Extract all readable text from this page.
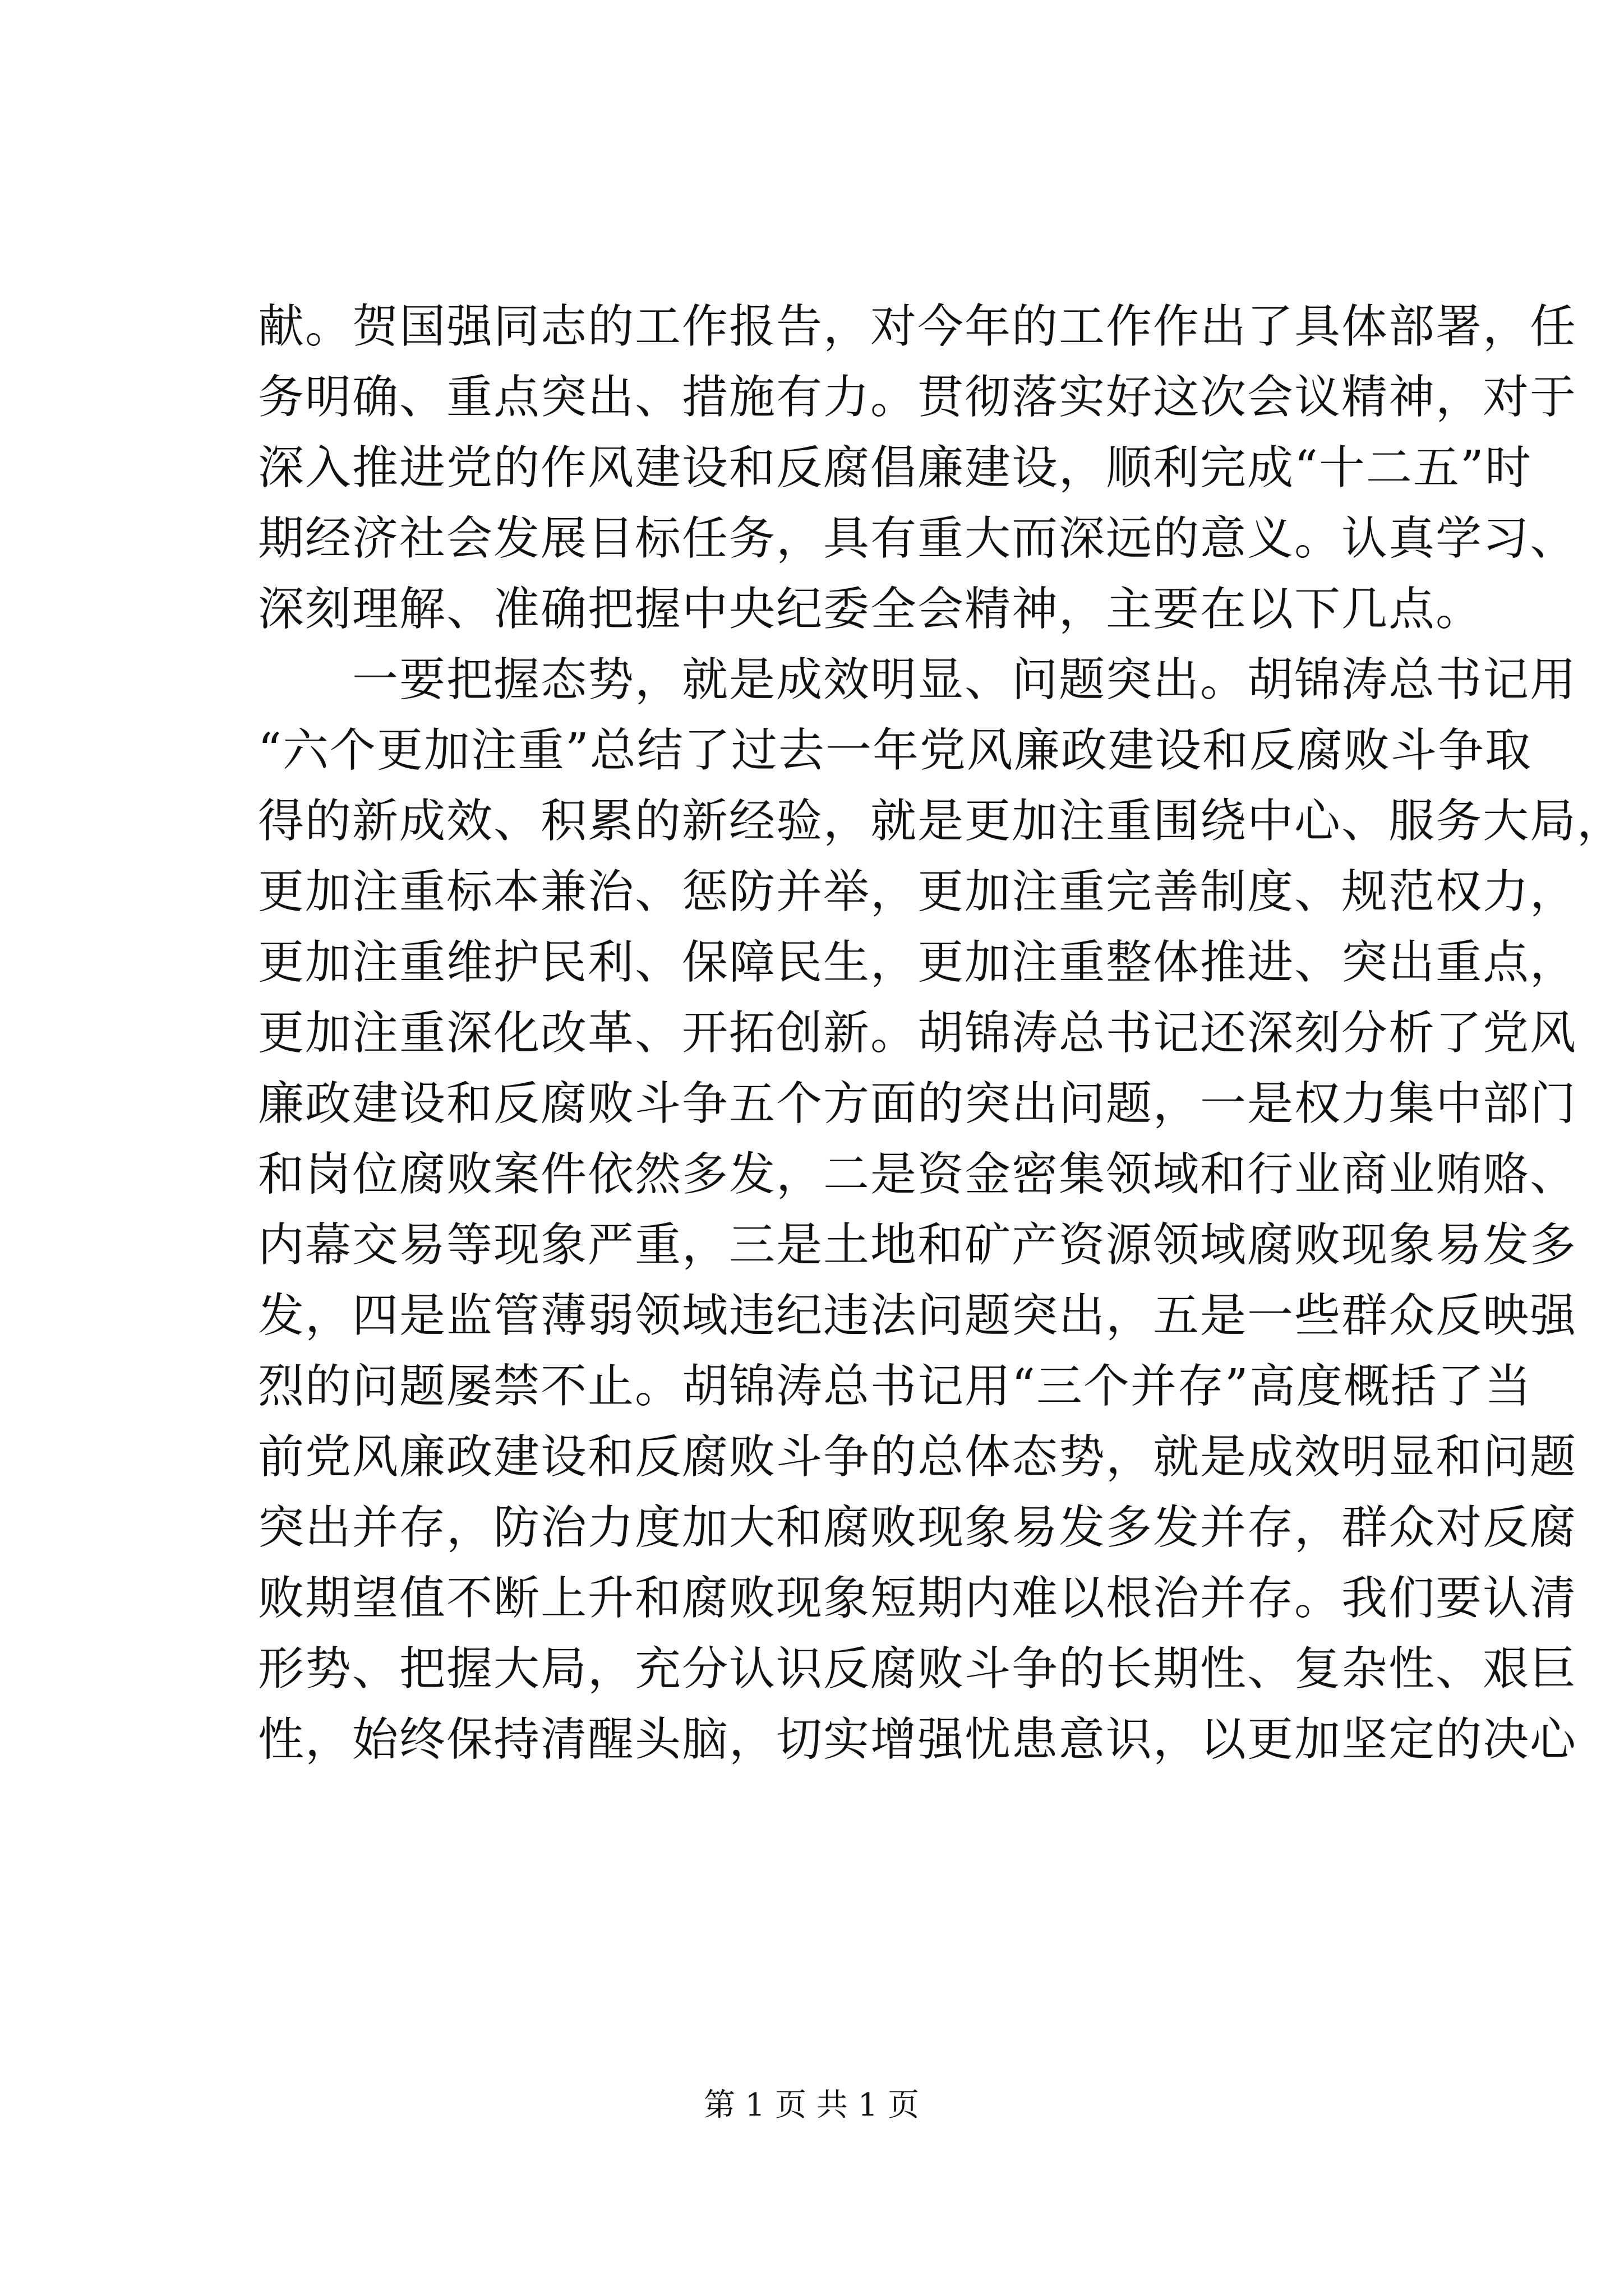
献。贺国强同志的工作报告，对今年的工作作出了具体部署，任
务明确、重点突出、措施有力。贯彻落实好这次会议精神，对于
深入推进党的作风建设和反腐倡廉建设，顺利完成“十二五”时
期经济社会发展目标任务，具有重大而深远的意义。认真学习、
深刻理解、准确把握中央纪委全会精神，主要在以下几点。
一要把握态势，就是成效明显、问题突出。胡锦涛总书记用
“六个更加注重”总结了过去一年党风廉政建设和反腐败斗争取
得的新成效、积累的新经验，就是更加注重围绕中心、服务大局，
更加注重标本兼治、惩防并举，更加注重完善制度、规范权力，
更加注重维护民利、保障民生，更加注重整体推进、突出重点，
更加注重深化改革、开拓创新。胡锦涛总书记还深刻分析了党风
廉政建设和反腐败斗争五个方面的突出问题，一是权力集中部门
和岗位腐败案件依然多发，二是资金密集领域和行业商业贿赂、
内幕交易等现象严重，三是土地和矿产资源领域腐败现象易发多
发，四是监管薄弱领域违纪违法问题突出，五是一些群众反映强
烈的问题屡禁不止。胡锦涛总书记用“三个并存”高度概括了当
前党风廉政建设和反腐败斗争的总体态势，就是成效明显和问题
突出并存，防治力度加大和腐败现象易发多发并存，群众对反腐
败期望值不断上升和腐败现象短期内难以根治并存。我们要认清
形势、把握大局，充分认识反腐败斗争的长期性、复杂性、艰巨
性，始终保持清醒头脑，切实增强忧患意识，以更加坚定的决心
第 1 页 共 1 页
